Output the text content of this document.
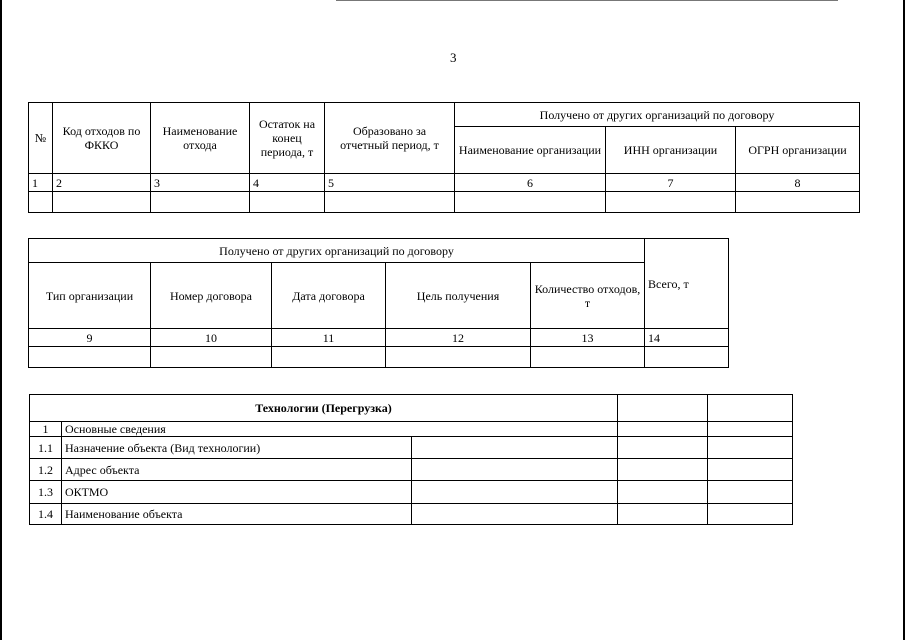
3
№	Код отходов по ФККО	Наименование отхода	Остаток на конец периода, т	Образовано за отчетный период, т	Получено от других организаций по договору		
					Наименование организации	ИНН организации	ОГРН организации
1	2	3	4	5	6	7	8

Получено от других организаций по договору					Всего, т
Тип организации	Номер договора	Дата договора	Цель получения	Количество отходов, т	
9	10	11	12	13	14

Технологии (Перегрузка)				
1	Основные сведения			
1.1	Назначение объекта (Вид технологии)			
1.2	Адрес объекта			
1.3	ОКТМО			
1.4	Наименование объекта			
